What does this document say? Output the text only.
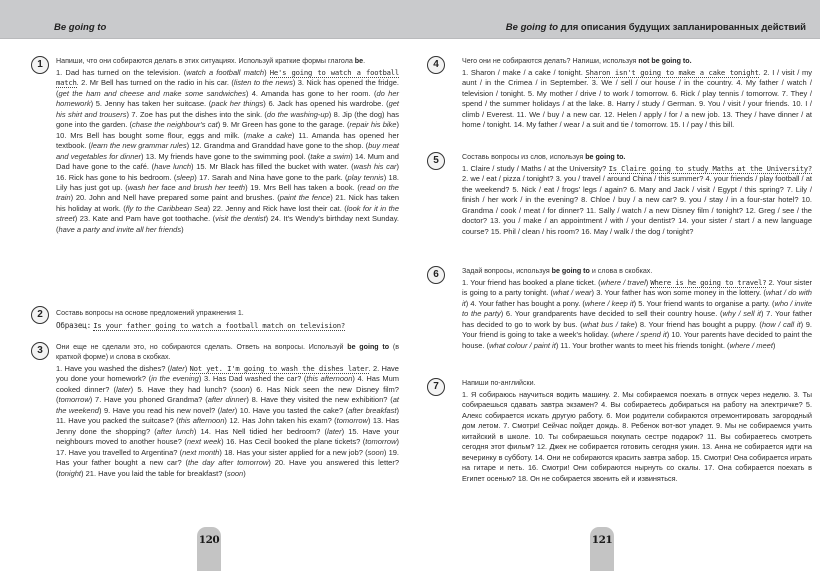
Be going to
1	Напиши, что они собираются делать в этих ситуациях. Используй краткие формы глагола be.
1. Dad has turned on the television. (watch a football match) He's going to watch a football match. 2. Mr Bell has turned on the radio in his car. (listen to the news) 3. Nick has opened the fridge. (get the ham and cheese and make some sandwiches) 4. Amanda has gone to her room. (do her homework) 5. Jenny has taken her suitcase. (pack her things) 6. Jack has opened his wardrobe. (get his shirt and trousers) 7. Zoe has put the dishes into the sink. (do the washing-up) 8. Jip (the dog) has gone into the garden. (chase the neighbour's cat) 9. Mr Green has gone to the garage. (repair his bike) 10. Mrs Bell has bought some flour, eggs and milk. (make a cake) 11. Amanda has opened her textbook. (learn the new grammar rules) 12. Grandma and Granddad have gone to the shop. (buy meat and vegetables for dinner) 13. My friends have gone to the swimming pool. (take a swim) 14. Mum and Dad have gone to the café. (have lunch) 15. Mr Black has filled the bucket with water. (wash his car) 16. Rick has gone to his bedroom. (sleep) 17. Sarah and Nina have gone to the park. (play tennis) 18. Lily has just got up. (wash her face and brush her teeth) 19. Mrs Bell has taken a book. (read on the train) 20. John and Nell have prepared some paint and brushes. (paint the fence) 21. Nick has taken his holiday at work. (fly to the Caribbean Sea) 22. Jenny and Rick have lost their cat. (look for it in the street) 23. Kate and Pam have got toothache. (visit the dentist) 24. It's Wendy's birthday next Sunday. (have a party and invite all her friends)
2	Составь вопросы на основе предложений упражнения 1.
Образец: Is your father going to watch a football match on television?
3	Они еще не сделали это, но собираются сделать. Ответь на вопросы. Используй be going to (в краткой форме) и слова в скобках.
1. Have you washed the dishes? (later) Not yet. I'm going to wash the dishes later. 2. Have you done your homework? (in the evening) 3. Has Dad washed the car? (this afternoon) 4. Has Mum cooked dinner? (later) 5. Have they had lunch? (soon) 6. Has Nick seen the new Disney film? (tomorrow) 7. Have you phoned Grandma? (after dinner) 8. Have they visited the new exhibition? (at the weekend) 9. Have you read his new novel? (later) 10. Have you tasted the cake? (after breakfast) 11. Have you packed the suitcase? (this afternoon) 12. Has John taken his exam? (tomorrow) 13. Has Jenny done the shopping? (after lunch) 14. Has Nell tidied her bedroom? (later) 15. Have your neighbours moved to another house? (next week) 16. Has Cecil booked the plane tickets? (tomorrow) 17. Have you travelled to Argentina? (next month) 18. Has your sister applied for a new job? (soon) 19. Has your father bought a new car? (the day after tomorrow) 20. Have you answered this letter? (tonight) 21. Have you laid the table for breakfast? (soon)
120
Be going to для описания будущих запланированных действий
4	Чего они не собираются делать? Напиши, используя not be going to.
1. Sharon / make / a cake / tonight. Sharon isn't going to make a cake tonight. 2. I / visit / my aunt / in the Crimea / in September. 3. We / sell / our house / in the country. 4. My father / watch / television / tonight. 5. My mother / drive / to work / tomorrow. 6. Rick / play tennis / tomorrow. 7. They / spend / the summer holidays / at the lake. 8. Harry / study / German. 9. You / visit / your friends. 10. I / climb / Everest. 11. We / buy / a new car. 12. Helen / apply / for / a new job. 13. They / have dinner / at home / tonight. 14. My father / wear / a suit and tie / tomorrow. 15. I / pay / this bill.
5	Составь вопросы из слов, используя be going to.
1. Claire / study / Maths / at the University? Is Claire going to study Maths at the University? 2. we / eat / pizza / tonight? 3. you / travel / around China / this summer? 4. your friends / play football / at the weekend? 5. Nick / eat / frogs' legs / again? 6. Mary and Jack / visit / Egypt / this spring? 7. Lily / finish / her work / in the evening? 8. Chloe / buy / a new car? 9. you / stay / in a four-star hotel? 10. Grandma / cook / meat / for dinner? 11. Sally / watch / a new Disney film / tonight? 12. Greg / see / the doctor? 13. you / make / an appointment / with / your dentist? 14. your sister / start / a new language course? 15. Phil / clean / his room? 16. May / walk / the dog / tonight?
6	Задай вопросы, используя be going to и слова в скобках.
1. Your friend has booked a plane ticket. (where / travel) Where is he going to travel? 2. Your sister is going to a party tonight. (what / wear) 3. Your father has won some money in the lottery. (what / do with it) 4. Your father has bought a pony. (where / keep it) 5. Your friend wants to organise a party. (who / invite to the party) 6. Your grandparents have decided to sell their country house. (why / sell it) 7. Your father has decided to go to work by bus. (what bus / take) 8. Your friend has bought a puppy. (how / call it) 9. Your friend is going to take a week's holiday. (where / spend it) 10. Your parents have decided to paint the house. (what colour / paint it) 11. Your brother wants to meet his friends tonight. (where / meet)
7	Напиши по-английски.
1. Я собираюсь научиться водить машину. 2. Мы собираемся поехать в отпуск через неделю. 3. Ты собираешься сдавать завтра экзамен? 4. Вы собираетесь добираться на работу на электричке? 5. Алекс собирается искать другую работу. 6. Мои родители собираются отремонтировать загородный дом летом. 7. Смотри! Сейчас пойдет дождь. 8. Ребенок вот-вот упадет. 9. Мы не собираемся учить китайский в школе. 10. Ты собираешься покупать сестре подарок? 11. Вы собираетесь смотреть сегодня этот фильм? 12. Джек не собирается готовить сегодня ужин. 13. Анна не собирается идти на вечеринку в субботу. 14. Они не собираются красить завтра забор. 15. Смотри! Она собирается играть на гитаре и петь. 16. Смотри! Они собираются нырнуть со скалы. 17. Она собирается поехать в Египет осенью? 18. Он не собирается звонить ей и извиняться.
121
